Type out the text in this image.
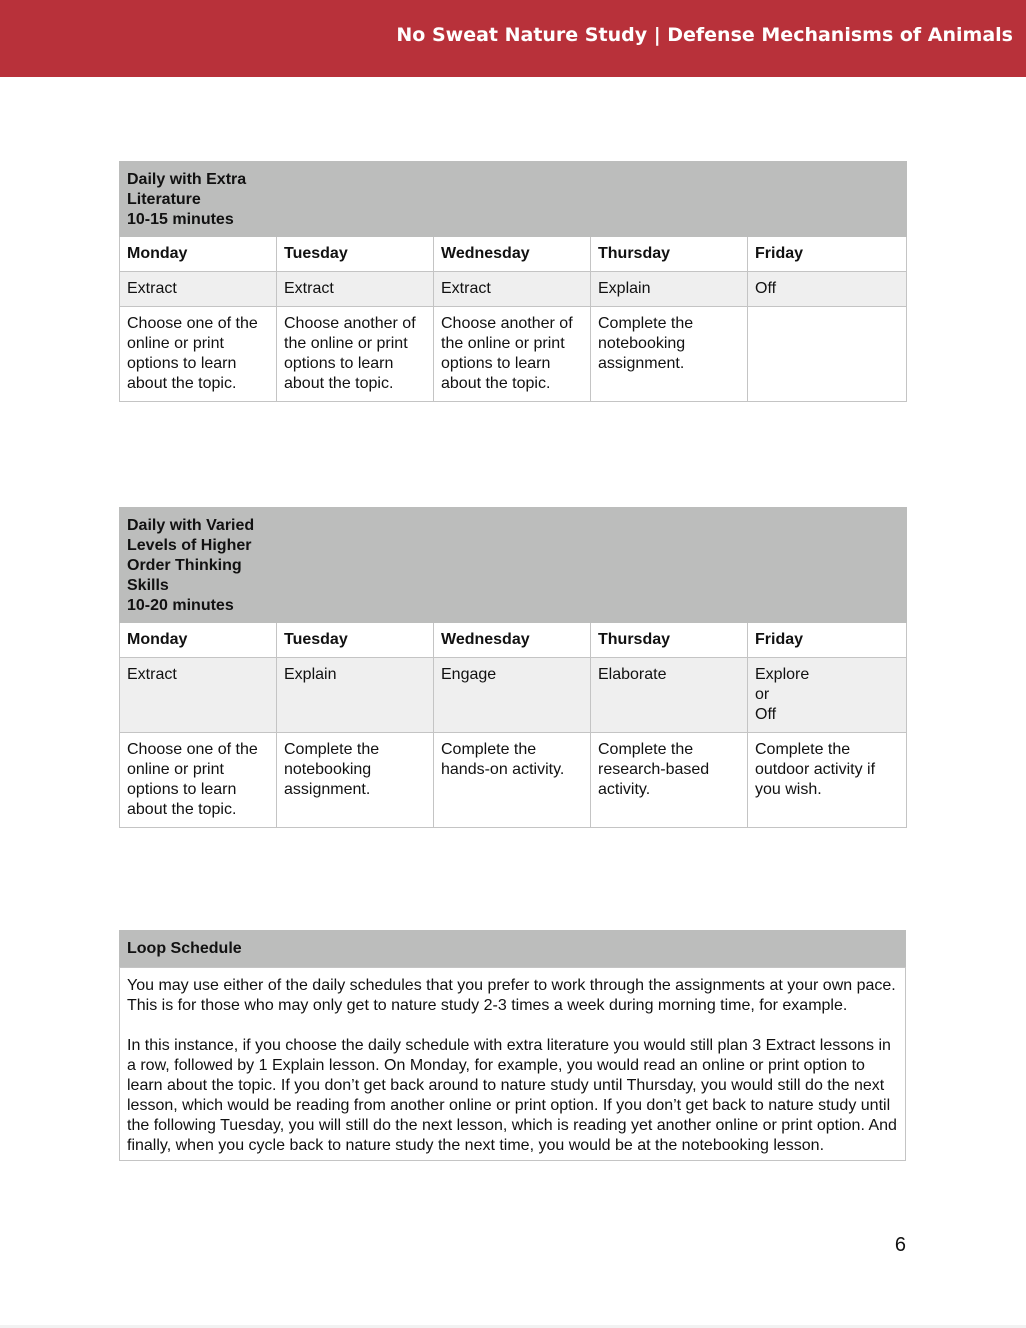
No Sweat Nature Study | Defense Mechanisms of Animals
Daily with Extra
Literature
10-15 minutes				

Monday	Tuesday	Wednesday	Thursday	Friday

Extract	Extract	Extract	Explain	Off

Choose one of the online or print options to learn about the topic.	Choose another of the online or print options to learn about the topic.	Choose another of the online or print options to learn about the topic.	Complete the notebooking assignment.	
Daily with Varied
Levels of Higher
Order Thinking
Skills
10-20 minutes				

Monday	Tuesday	Wednesday	Thursday	Friday

Extract	Explain	Engage	Elaborate	Explore
or
Off

Choose one of the online or print options to learn about the topic.	Complete the notebooking assignment.	Complete the hands-on activity.	Complete the research-based activity.	Complete the outdoor activity if you wish.
Loop Schedule

You may use either of the daily schedules that you prefer to work through the assignments at your own pace. This is for those who may only get to nature study 2-3 times a week during morning time, for example.

In this instance, if you choose the daily schedule with extra literature you would still plan 3 Extract lessons in a row, followed by 1 Explain lesson. On Monday, for example, you would read an online or print option to learn about the topic. If you don’t get back around to nature study until Thursday, you would still do the next lesson, which would be reading from another online or print option. If you don’t get back to nature study until the following Tuesday, you will still do the next lesson, which is reading yet another online or print option. And finally, when you cycle back to nature study the next time, you would be at the notebooking lesson.

6
